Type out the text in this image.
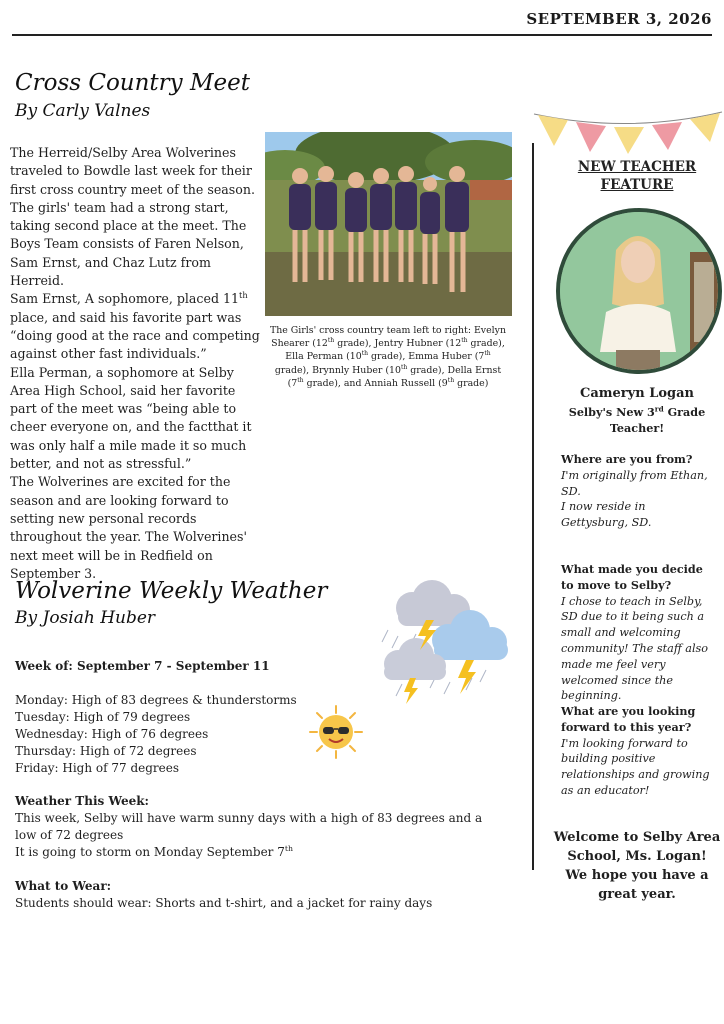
SEPTEMBER 3, 2026
Cross Country Meet
By Carly Valnes

The Herreid/Selby Area Wolverines traveled to Bowdle last week for their first cross country meet of the season. The girls' team had a strong start, taking second place at the meet. The Boys Team consists of Faren Nelson, Sam Ernst, and Chaz Lutz from Herreid.

Sam Ernst, A sophomore, placed 11th place, and said his favorite part was “doing good at the race and competing against other fast individuals.”

Ella Perman, a sophomore at Selby Area High School, said her favorite part of the meet was “being able to cheer everyone on, and the factthat it was only half a mile made it so much better, and not as stressful.”

The Wolverines are excited for the season and are looking forward to setting new personal records throughout the year. The Wolverines' next meet will be in Redfield on September 3.

The Girls' cross country team left to right: Evelyn Shearer (12th grade), Jentry Hubner (12th grade), Ella Perman (10th grade), Emma Huber (7th grade), Brynnly Huber (10th grade), Della Ernst (7th grade), and Anniah Russell (9th grade)
Wolverine Weekly Weather
By Josiah Huber
Week of: September 7 - September 11
Monday: High of 83 degrees & thunderstorms
Tuesday: High of 79 degrees
Wednesday: High of 76 degrees
Thursday: High of 72 degrees
Friday: High of 77 degrees
Weather This Week:
This week, Selby will have warm sunny days with a high of 83 degrees and a
low of 72 degrees
It is going to storm on Monday September 7th
What to Wear:
Students should wear: Shorts and t-shirt, and a jacket for rainy days
NEW TEACHER
FEATURE
Cameryn Logan
Selby's New 3rd Grade Teacher!
Where are you from?
I'm originally from Ethan, SD.
I now reside in Gettysburg, SD.
What made you decide to move to Selby?
I chose to teach in Selby, SD due to it being such a small and welcoming community! The staff also made me feel very welcomed since the beginning.
What are you looking forward to this year?
I'm looking forward to building positive relationships and growing as an educator!
Welcome to Selby Area School, Ms. Logan!
We hope you have a great year.
